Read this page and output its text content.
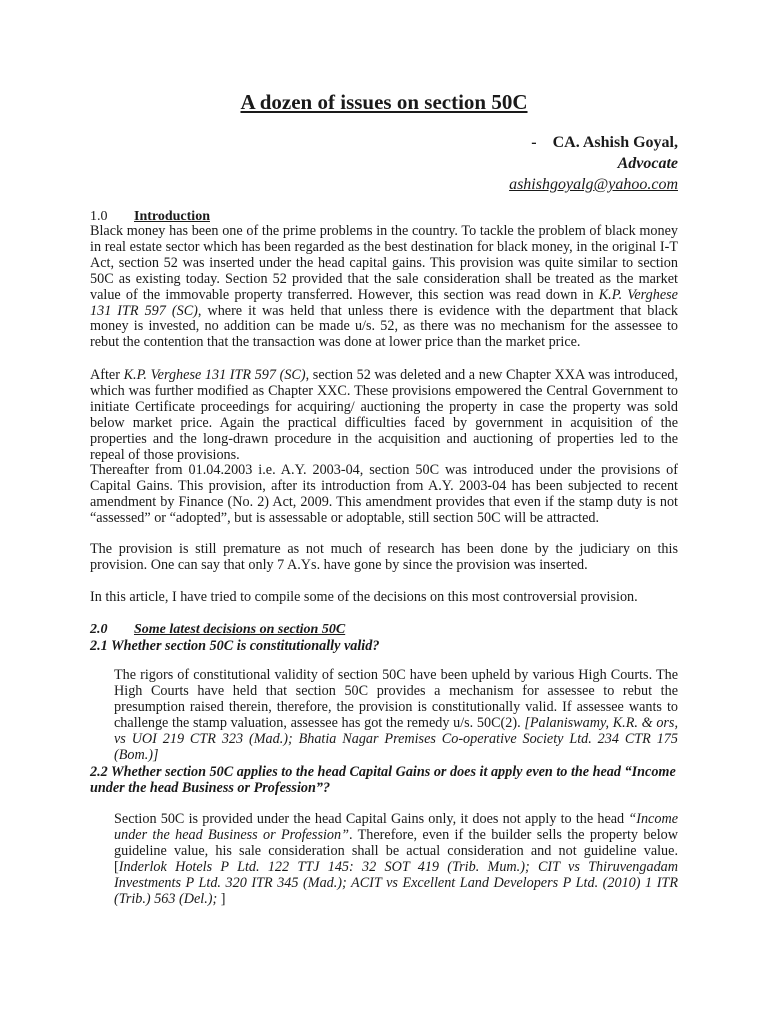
A dozen of issues on section 50C
- CA. Ashish Goyal,
Advocate
ashishgoyalg@yahoo.com
1.0 Introduction

Black money has been one of the prime problems in the country. To tackle the problem of black money in real estate sector which has been regarded as the best destination for black money, in the original I-T Act, section 52 was inserted under the head capital gains. This provision was quite similar to section 50C as existing today. Section 52 provided that the sale consideration shall be treated as the market value of the immovable property transferred. However, this section was read down in K.P. Verghese 131 ITR 597 (SC), where it was held that unless there is evidence with the department that black money is invested, no addition can be made u/s. 52, as there was no mechanism for the assessee to rebut the contention that the transaction was done at lower price than the market price.

After K.P. Verghese 131 ITR 597 (SC), section 52 was deleted and a new Chapter XXA was introduced, which was further modified as Chapter XXC. These provisions empowered the Central Government to initiate Certificate proceedings for acquiring/ auctioning the property in case the property was sold below market price. Again the practical difficulties faced by government in acquisition of the properties and the long-drawn procedure in the acquisition and auctioning of properties led to the repeal of those provisions.

Thereafter from 01.04.2003 i.e. A.Y. 2003-04, section 50C was introduced under the provisions of Capital Gains. This provision, after its introduction from A.Y. 2003-04 has been subjected to recent amendment by Finance (No. 2) Act, 2009. This amendment provides that even if the stamp duty is not “assessed” or “adopted”, but is assessable or adoptable, still section 50C will be attracted.

The provision is still premature as not much of research has been done by the judiciary on this provision. One can say that only 7 A.Ys. have gone by since the provision was inserted.

In this article, I have tried to compile some of the decisions on this most controversial provision.

2.0 Some latest decisions on section 50C
2.1 Whether section 50C is constitutionally valid?

The rigors of constitutional validity of section 50C have been upheld by various High Courts. The High Courts have held that section 50C provides a mechanism for assessee to rebut the presumption raised therein, therefore, the provision is constitutionally valid. If assessee wants to challenge the stamp valuation, assessee has got the remedy u/s. 50C(2). [Palaniswamy, K.R. & ors, vs UOI 219 CTR 323 (Mad.); Bhatia Nagar Premises Co-operative Society Ltd. 234 CTR 175 (Bom.)]

2.2 Whether section 50C applies to the head Capital Gains or does it apply even to the head “Income under the head Business or Profession”?

Section 50C is provided under the head Capital Gains only, it does not apply to the head “Income under the head Business or Profession”. Therefore, even if the builder sells the property below guideline value, his sale consideration shall be actual consideration and not guideline value. [Inderlok Hotels P Ltd. 122 TTJ 145: 32 SOT 419 (Trib. Mum.); CIT vs Thiruvengadam Investments P Ltd. 320 ITR 345 (Mad.); ACIT vs Excellent Land Developers P Ltd. (2010) 1 ITR (Trib.) 563 (Del.); ]
